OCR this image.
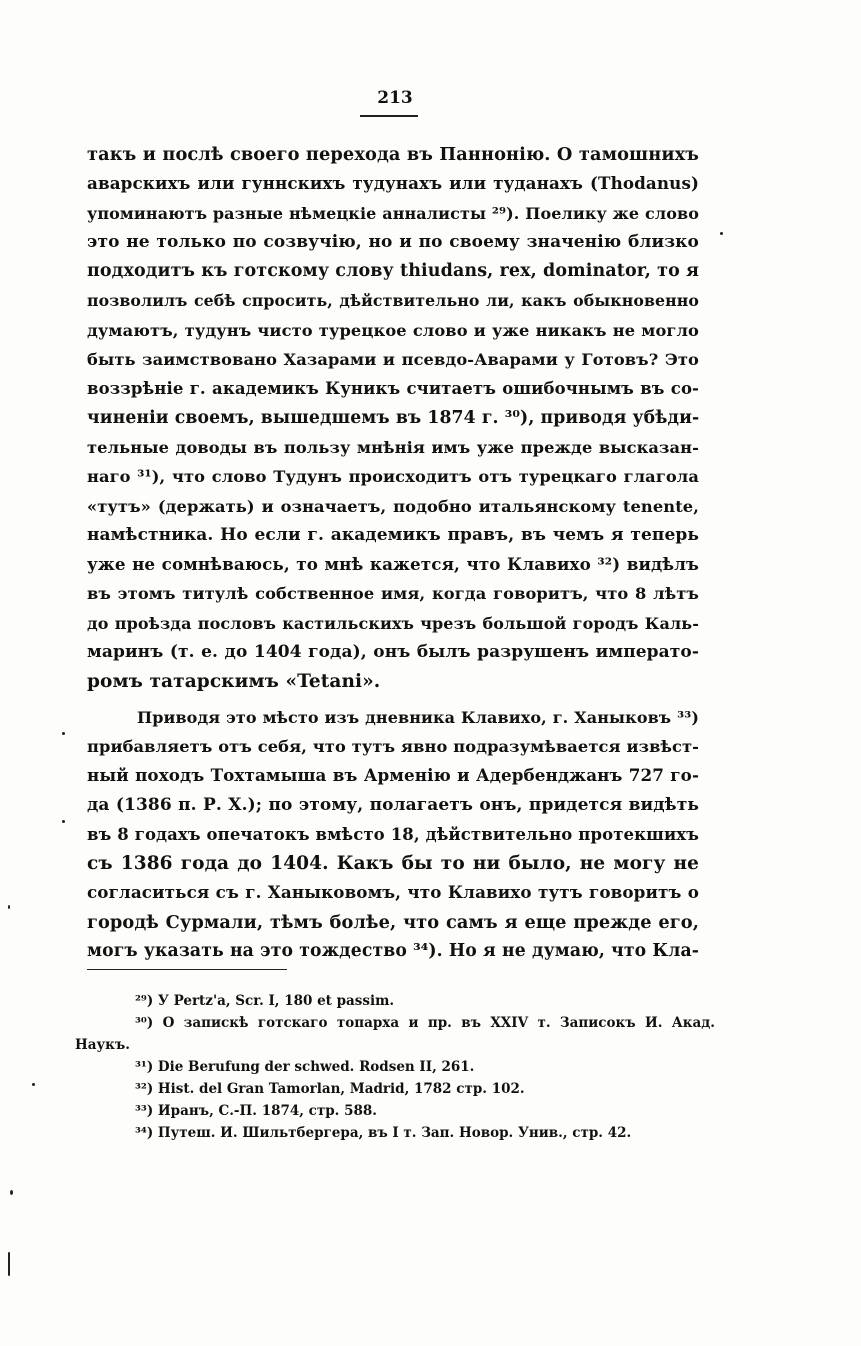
213
такъ и послѣ своего перехода въ Паннонію. О тамошнихъ
аварскихъ или гуннскихъ тудунахъ или туданахъ (Thodanus)
упоминаютъ разные нѣмецкіе анналисты ²⁹). Поелику же слово
это не только по созвучію, но и по своему значенію близко
подходитъ къ готскому слову thiudans, rex, dominator, то я
позволилъ себѣ спросить, дѣйствительно ли, какъ обыкновенно
думаютъ, тудунъ чисто турецкое слово и уже никакъ не могло
быть заимствовано Хазарами и псевдо-Аварами у Готовъ? Это
воззрѣніе г. академикъ Куникъ считаетъ ошибочнымъ въ со-
чиненіи своемъ, вышедшемъ въ 1874 г. ³⁰), приводя убѣди-
тельные доводы въ пользу мнѣнія имъ уже прежде высказан-
наго ³¹), что слово Тудунъ происходитъ отъ турецкаго глагола
«тутъ» (держать) и означаетъ, подобно итальянскому tenente,
намѣстника. Но если г. академикъ правъ, въ чемъ я теперь
уже не сомнѣваюсь, то мнѣ кажется, что Клавихо ³²) видѣлъ
въ этомъ титулѣ собственное имя, когда говоритъ, что 8 лѣтъ
до проѣзда пословъ кастильскихъ чрезъ большой городъ Каль-
маринъ (т. е. до 1404 года), онъ былъ разрушенъ императо-
ромъ татарскимъ «Tetani».
Приводя это мѣсто изъ дневника Клавихо, г. Ханыковъ ³³)
прибавляетъ отъ себя, что тутъ явно подразумѣвается извѣст-
ный походъ Тохтамыша въ Арменію и Адербенджанъ 727 го-
да (1386 п. Р. Х.); по этому, полагаетъ онъ, придется видѣть
въ 8 годахъ опечатокъ вмѣсто 18, дѣйствительно протекшихъ
съ 1386 года до 1404. Какъ бы то ни было, не могу не
согласиться съ г. Ханыковомъ, что Клавихо тутъ говоритъ о
городѣ Сурмали, тѣмъ болѣе, что самъ я еще прежде его,
могъ указать на это тождество ³⁴). Но я не думаю, что Кла-
²⁹) У Pertz'a, Scr. I, 180 et passim.
³⁰) О запискѣ готскаго топарха и пр. въ XXIV т. Записокъ И. Акад.
Наукъ.
³¹) Die Berufung der schwed. Rodsen II, 261.
³²) Hist. del Gran Tamorlan, Madrid, 1782 стр. 102.
³³) Иранъ, С.-П. 1874, стр. 588.
³⁴) Путеш. И. Шильтбергера, въ I т. Зап. Новор. Унив., стр. 42.
